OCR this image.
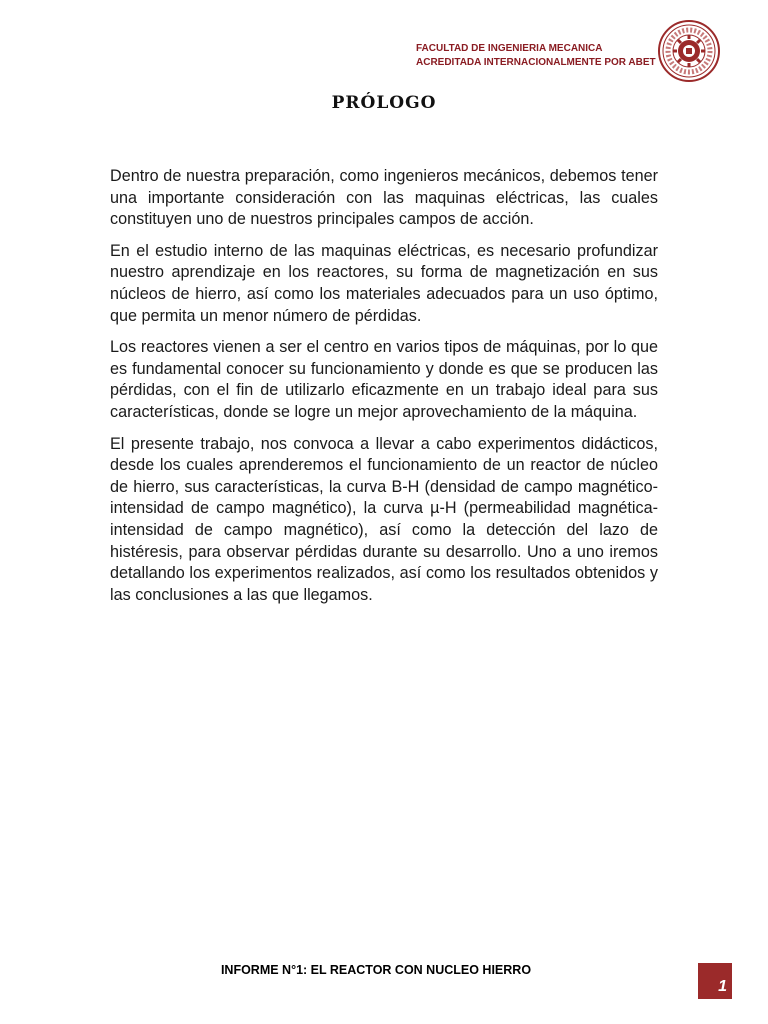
FACULTAD DE INGENIERIA MECANICA
ACREDITADA INTERNACIONALMENTE POR ABET
PRÓLOGO

Dentro de nuestra preparación, como ingenieros mecánicos, debemos tener una importante consideración con las maquinas eléctricas, las cuales constituyen uno de nuestros principales campos de acción.

En el estudio interno de las maquinas eléctricas, es necesario profundizar nuestro aprendizaje en los reactores, su forma de magnetización en sus núcleos de hierro, así como los materiales adecuados para un uso óptimo, que permita un menor número de pérdidas.

Los reactores vienen a ser el centro en varios tipos de máquinas, por lo que es fundamental conocer su funcionamiento y donde es que se producen las pérdidas, con el fin de utilizarlo eficazmente en un trabajo ideal para sus características, donde se logre un mejor aprovechamiento de la máquina.

El presente trabajo, nos convoca a llevar a cabo experimentos didácticos, desde los cuales aprenderemos el funcionamiento de un reactor de núcleo de hierro, sus características, la curva B-H (densidad de campo magnético-intensidad de campo magnético), la curva µ-H (permeabilidad magnética-intensidad de campo magnético), así como la detección del lazo de histéresis, para observar pérdidas durante su desarrollo. Uno a uno iremos detallando los experimentos realizados, así como los resultados obtenidos y las conclusiones a las que llegamos.

INFORME N°1: EL REACTOR CON NUCLEO HIERRO
1
